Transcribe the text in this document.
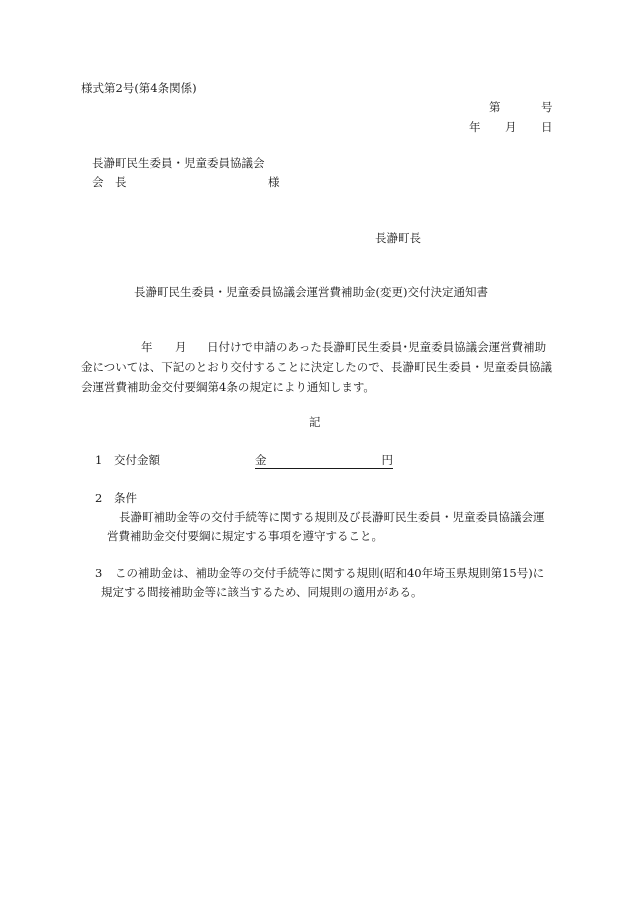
様式第2号(第4条関係)
第	号
年 月 日
長瀞町民生委員・児童委員協議会
会　長	様
長瀞町長
長瀞町民生委員・児童委員協議会運営費補助金(変更)交付決定通知書
年 月 日付けで申請のあった長瀞町民生委員･児童委員協議会運営費補助
金については、下記のとおり交付することに決定したので、長瀞町民生委員・児童委員協議
会運営費補助金交付要綱第4条の規定により通知します。
記
1 交付金額	金	円
2 条件
長瀞町補助金等の交付手続等に関する規則及び長瀞町民生委員・児童委員協議会運
営費補助金交付要綱に規定する事項を遵守すること。
3 この補助金は、補助金等の交付手続等に関する規則(昭和40年埼玉県規則第15号)に
規定する間接補助金等に該当するため、同規則の適用がある。
